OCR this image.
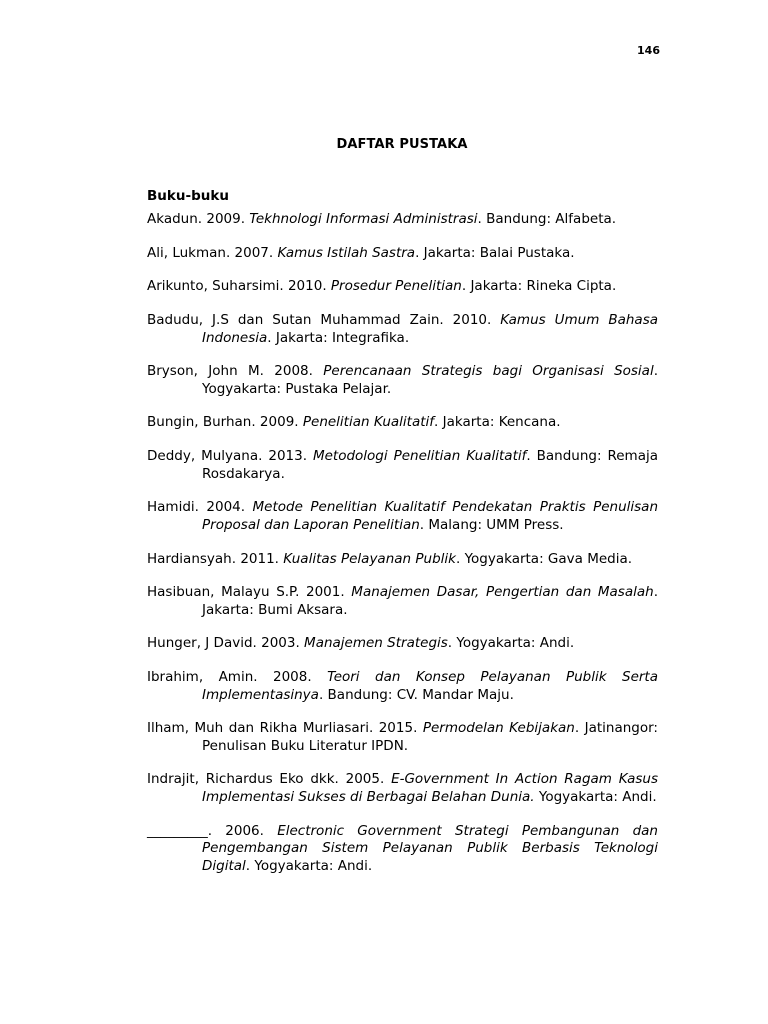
146
DAFTAR PUSTAKA
Buku-buku
Akadun. 2009. Tekhnologi Informasi Administrasi. Bandung: Alfabeta.
Ali, Lukman. 2007. Kamus Istilah Sastra. Jakarta: Balai Pustaka.
Arikunto, Suharsimi. 2010. Prosedur Penelitian. Jakarta: Rineka Cipta.
Badudu, J.S dan Sutan Muhammad Zain. 2010. Kamus Umum Bahasa Indonesia. Jakarta: Integrafika.
Bryson, John M. 2008. Perencanaan Strategis bagi Organisasi Sosial. Yogyakarta: Pustaka Pelajar.
Bungin, Burhan. 2009. Penelitian Kualitatif. Jakarta: Kencana.
Deddy, Mulyana. 2013. Metodologi Penelitian Kualitatif. Bandung: Remaja Rosdakarya.
Hamidi. 2004. Metode Penelitian Kualitatif Pendekatan Praktis Penulisan Proposal dan Laporan Penelitian. Malang: UMM Press.
Hardiansyah. 2011. Kualitas Pelayanan Publik. Yogyakarta: Gava Media.
Hasibuan, Malayu S.P. 2001. Manajemen Dasar, Pengertian dan Masalah. Jakarta: Bumi Aksara.
Hunger, J David. 2003. Manajemen Strategis. Yogyakarta: Andi.
Ibrahim, Amin. 2008. Teori dan Konsep Pelayanan Publik Serta Implementasinya. Bandung: CV. Mandar Maju.
Ilham, Muh dan Rikha Murliasari. 2015. Permodelan Kebijakan. Jatinangor: Penulisan Buku Literatur IPDN.
Indrajit, Richardus Eko dkk. 2005. E-Government In Action Ragam Kasus Implementasi Sukses di Berbagai Belahan Dunia. Yogyakarta: Andi.
_________. 2006. Electronic Government Strategi Pembangunan dan Pengembangan Sistem Pelayanan Publik Berbasis Teknologi Digital. Yogyakarta: Andi.
